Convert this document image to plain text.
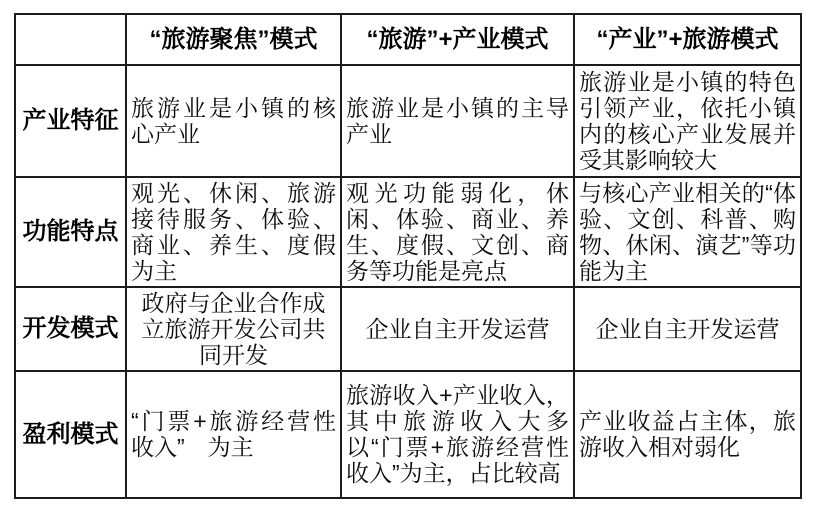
	“旅游聚焦”模式	“旅游”+产业模式	“产业”+旅游模式
产业特征	旅游业是小镇的核心产业	旅游业是小镇的主导产业	旅游业是小镇的特色引领产业，依托小镇内的核心产业发展并受其影响较大
功能特点	观光、休闲、旅游接待服务、体验、商业、养生、度假为主	观光功能弱化，休闲、体验、商业、养生、度假、文创、商务等功能是亮点	与核心产业相关的“体验、文创、科普、购物、休闲、演艺”等功能为主
开发模式	政府与企业合作成立旅游开发公司共同开发	企业自主开发运营	企业自主开发运营
盈利模式	“门票+旅游经营性收入”　为主	旅游收入+产业收入，其中旅游收入大多以“门票+旅游经营性收入”为主，占比较高	产业收益占主体，旅游收入相对弱化
